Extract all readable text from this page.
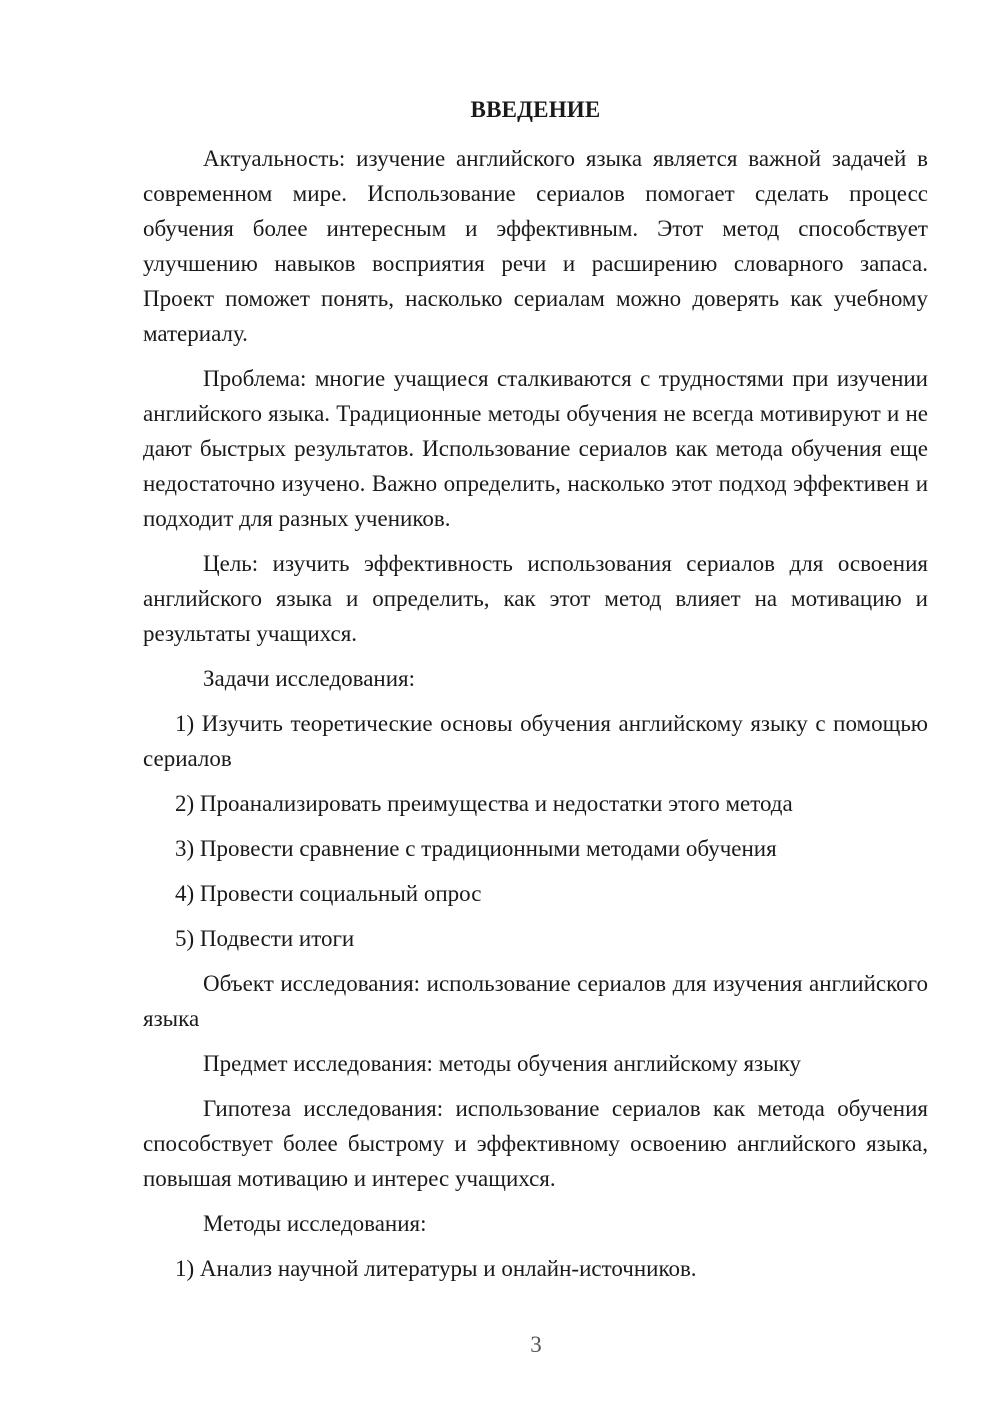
ВВЕДЕНИЕ

Актуальность: изучение английского языка является важной задачей в современном мире. Использование сериалов помогает сделать процесс обучения более интересным и эффективным. Этот метод способствует улучшению навыков восприятия речи и расширению словарного запаса. Проект поможет понять, насколько сериалам можно доверять как учебному материалу.

Проблема: многие учащиеся сталкиваются с трудностями при изучении английского языка. Традиционные методы обучения не всегда мотивируют и не дают быстрых результатов. Использование сериалов как метода обучения еще недостаточно изучено. Важно определить, насколько этот подход эффективен и подходит для разных учеников.

Цель: изучить эффективность использования сериалов для освоения английского языка и определить, как этот метод влияет на мотивацию и результаты учащихся.

Задачи исследования:

1) Изучить теоретические основы обучения английскому языку с помощью сериалов

2) Проанализировать преимущества и недостатки этого метода

3) Провести сравнение с традиционными методами обучения

4) Провести социальный опрос

5) Подвести итоги

Объект исследования: использование сериалов для изучения английского языка

Предмет исследования: методы обучения английскому языку

Гипотеза исследования: использование сериалов как метода обучения способствует более быстрому и эффективному освоению английского языка, повышая мотивацию и интерес учащихся.

Методы исследования:

1) Анализ научной литературы и онлайн-источников.

3
